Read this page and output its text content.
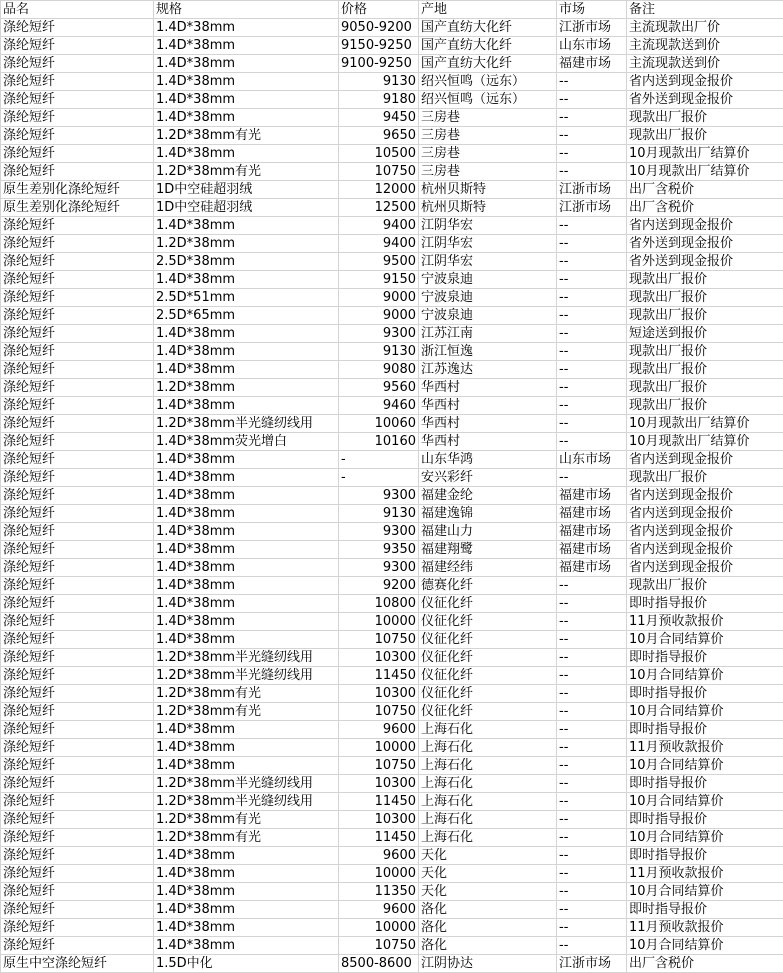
品名	规格	价格	产地	市场	备注
涤纶短纤	1.4D*38mm	9050-9200	国产直纺大化纤	江浙市场	主流现款出厂价
涤纶短纤	1.4D*38mm	9150-9250	国产直纺大化纤	山东市场	主流现款送到价
涤纶短纤	1.4D*38mm	9100-9250	国产直纺大化纤	福建市场	主流现款送到价
涤纶短纤	1.4D*38mm	9130	绍兴恒鸣（远东）	--	省内送到现金报价
涤纶短纤	1.4D*38mm	9180	绍兴恒鸣（远东）	--	省外送到现金报价
涤纶短纤	1.4D*38mm	9450	三房巷	--	现款出厂报价
涤纶短纤	1.2D*38mm有光	9650	三房巷	--	现款出厂报价
涤纶短纤	1.4D*38mm	10500	三房巷	--	10月现款出厂结算价
涤纶短纤	1.2D*38mm有光	10750	三房巷	--	10月现款出厂结算价
原生差别化涤纶短纤	1D中空硅超羽绒	12000	杭州贝斯特	江浙市场	出厂含税价
原生差别化涤纶短纤	1D中空硅超羽绒	12500	杭州贝斯特	江浙市场	出厂含税价
涤纶短纤	1.4D*38mm	9400	江阴华宏	--	省内送到现金报价
涤纶短纤	1.2D*38mm	9400	江阴华宏	--	省外送到现金报价
涤纶短纤	2.5D*38mm	9500	江阴华宏	--	省外送到现金报价
涤纶短纤	1.4D*38mm	9150	宁波泉迪	--	现款出厂报价
涤纶短纤	2.5D*51mm	9000	宁波泉迪	--	现款出厂报价
涤纶短纤	2.5D*65mm	9000	宁波泉迪	--	现款出厂报价
涤纶短纤	1.4D*38mm	9300	江苏江南	--	短途送到报价
涤纶短纤	1.4D*38mm	9130	浙江恒逸	--	现款出厂报价
涤纶短纤	1.4D*38mm	9080	江苏逸达	--	现款出厂报价
涤纶短纤	1.2D*38mm	9560	华西村	--	现款出厂报价
涤纶短纤	1.4D*38mm	9460	华西村	--	现款出厂报价
涤纶短纤	1.2D*38mm半光缝纫线用	10060	华西村	--	10月现款出厂结算价
涤纶短纤	1.4D*38mm荧光增白	10160	华西村	--	10月现款出厂结算价
涤纶短纤	1.4D*38mm	-	山东华鸿	山东市场	省内送到现金报价
涤纶短纤	1.4D*38mm	-	安兴彩纤	--	现款出厂报价
涤纶短纤	1.4D*38mm	9300	福建金纶	福建市场	省内送到现金报价
涤纶短纤	1.4D*38mm	9130	福建逸锦	福建市场	省内送到现金报价
涤纶短纤	1.4D*38mm	9300	福建山力	福建市场	省内送到现金报价
涤纶短纤	1.4D*38mm	9350	福建翔鹭	福建市场	省内送到现金报价
涤纶短纤	1.4D*38mm	9300	福建经纬	福建市场	省内送到现金报价
涤纶短纤	1.4D*38mm	9200	德赛化纤	--	现款出厂报价
涤纶短纤	1.4D*38mm	10800	仪征化纤	--	即时指导报价
涤纶短纤	1.4D*38mm	10000	仪征化纤	--	11月预收款报价
涤纶短纤	1.4D*38mm	10750	仪征化纤	--	10月合同结算价
涤纶短纤	1.2D*38mm半光缝纫线用	10300	仪征化纤	--	即时指导报价
涤纶短纤	1.2D*38mm半光缝纫线用	11450	仪征化纤	--	10月合同结算价
涤纶短纤	1.2D*38mm有光	10300	仪征化纤	--	即时指导报价
涤纶短纤	1.2D*38mm有光	10750	仪征化纤	--	10月合同结算价
涤纶短纤	1.4D*38mm	9600	上海石化	--	即时指导报价
涤纶短纤	1.4D*38mm	10000	上海石化	--	11月预收款报价
涤纶短纤	1.4D*38mm	10750	上海石化	--	10月合同结算价
涤纶短纤	1.2D*38mm半光缝纫线用	10300	上海石化	--	即时指导报价
涤纶短纤	1.2D*38mm半光缝纫线用	11450	上海石化	--	10月合同结算价
涤纶短纤	1.2D*38mm有光	10300	上海石化	--	即时指导报价
涤纶短纤	1.2D*38mm有光	11450	上海石化	--	10月合同结算价
涤纶短纤	1.4D*38mm	9600	天化	--	即时指导报价
涤纶短纤	1.4D*38mm	10000	天化	--	11月预收款报价
涤纶短纤	1.4D*38mm	11350	天化	--	10月合同结算价
涤纶短纤	1.4D*38mm	9600	洛化	--	即时指导报价
涤纶短纤	1.4D*38mm	10000	洛化	--	11月预收款报价
涤纶短纤	1.4D*38mm	10750	洛化	--	10月合同结算价
原生中空涤纶短纤	1.5D中化	8500-8600	江阴协达	江浙市场	出厂含税价
